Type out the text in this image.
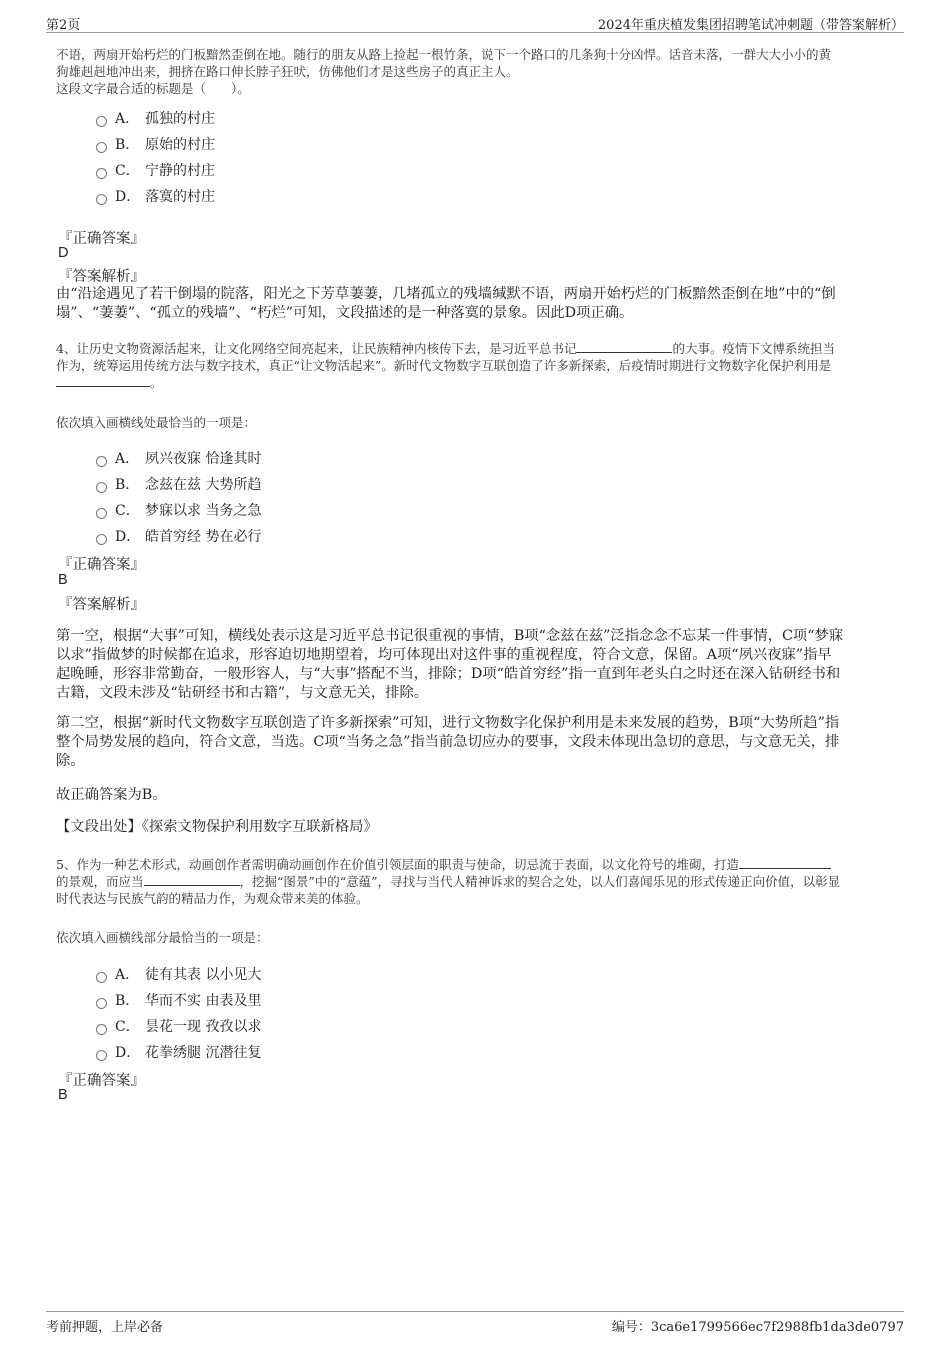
第2页	2024年重庆植发集团招聘笔试冲刺题（带答案解析）
不语，两扇开始朽烂的门板黯然歪倒在地。随行的朋友从路上捡起一根竹条，说下一个路口的几条狗十分凶悍。话音未落，一群大大小小的黄
狗雄赳赳地冲出来，拥挤在路口伸长脖子狂吠，仿佛他们才是这些房子的真正主人。
这段文字最合适的标题是（　　）。
A． 孤独的村庄
B． 原始的村庄
C． 宁静的村庄
D． 落寞的村庄
『正确答案』
D
『答案解析』
由“沿途遇见了若干倒塌的院落，阳光之下芳草萋萋，几堵孤立的残墙缄默不语，两扇开始朽烂的门板黯然歪倒在地”中的“倒
塌”、“萋萋”、“孤立的残墙”、“朽烂”可知，文段描述的是一种落寞的景象。因此D项正确。
4、让历史文物资源活起来，让文化网络空间亮起来，让民族精神内核传下去，是习近平总书记	的大事。疫情下文博系统担当
作为，统筹运用传统方法与数字技术，真正“让文物活起来”。新时代文物数字互联创造了许多新探索，后疫情时期进行文物数字化保护利用是
。
依次填入画横线处最恰当的一项是：
A． 夙兴夜寐 恰逢其时
B． 念兹在兹 大势所趋
C． 梦寐以求 当务之急
D． 皓首穷经 势在必行
『正确答案』
B
『答案解析』
第一空，根据“大事”可知，横线处表示这是习近平总书记很重视的事情，B项“念兹在兹”泛指念念不忘某一件事情，C项“梦寐
以求”指做梦的时候都在追求，形容迫切地期望着，均可体现出对这件事的重视程度，符合文意，保留。A项“夙兴夜寐”指早
起晚睡，形容非常勤奋，一般形容人，与“大事”搭配不当，排除；D项“皓首穷经”指一直到年老头白之时还在深入钻研经书和
古籍，文段未涉及“钻研经书和古籍”，与文意无关，排除。
第二空，根据“新时代文物数字互联创造了许多新探索”可知，进行文物数字化保护利用是未来发展的趋势，B项“大势所趋”指
整个局势发展的趋向，符合文意，当选。C项“当务之急”指当前急切应办的要事，文段未体现出急切的意思，与文意无关，排
除。
故正确答案为B。
【文段出处】《探索文物保护利用数字互联新格局》
5、作为一种艺术形式，动画创作者需明确动画创作在价值引领层面的职责与使命，切忌流于表面，以文化符号的堆砌，打造
的景观，而应当	，挖掘“图景”中的“意蕴”，寻找与当代人精神诉求的契合之处，以人们喜闻乐见的形式传递正向价值，以彰显
时代表达与民族气韵的精品力作，为观众带来美的体验。
依次填入画横线部分最恰当的一项是：
A． 徒有其表 以小见大
B． 华而不实 由表及里
C． 昙花一现 孜孜以求
D． 花拳绣腿 沉潜往复
『正确答案』
B
考前押题，上岸必备	编号：3ca6e1799566ec7f2988fb1da3de0797
